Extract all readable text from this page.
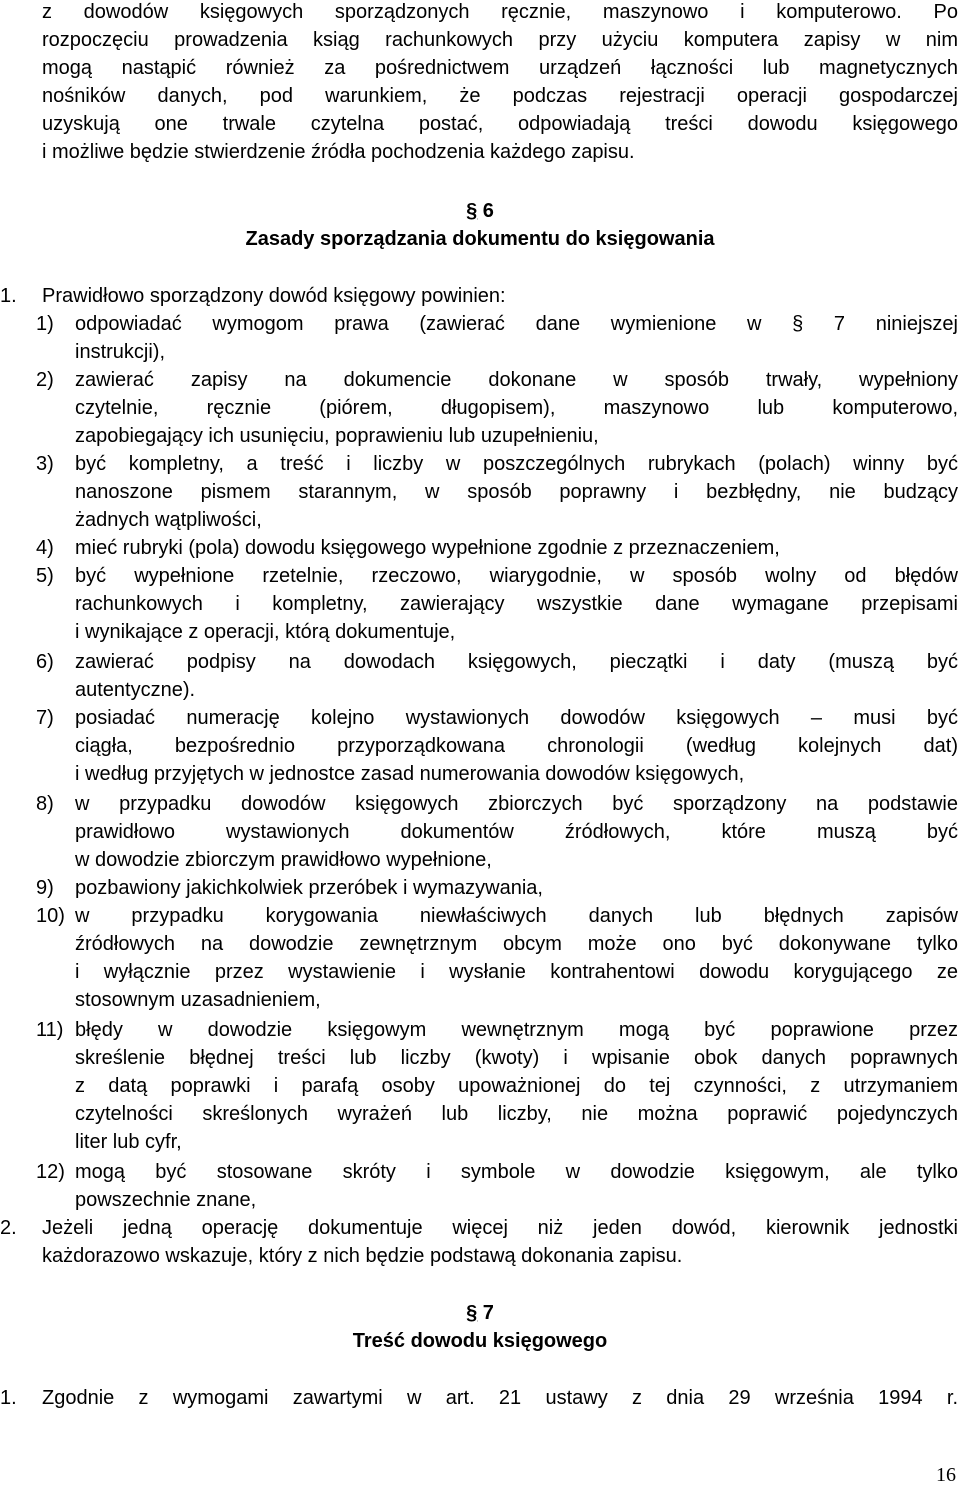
z dowodów księgowych sporządzonych ręcznie, maszynowo i komputerowo. Po
rozpoczęciu prowadzenia ksiąg rachunkowych przy użyciu komputera zapisy w nim
mogą nastąpić również za pośrednictwem urządzeń łączności lub magnetycznych
nośników danych, pod warunkiem, że podczas rejestracji operacji gospodarczej
uzyskują one trwale czytelna postać, odpowiadają treści dowodu księgowego
i możliwe będzie stwierdzenie źródła pochodzenia każdego zapisu.
§ 6
Zasady sporządzania dokumentu do księgowania
1. Prawidłowo sporządzony dowód księgowy powinien:
1) odpowiadać wymogom prawa (zawierać dane wymienione w § 7 niniejszej
instrukcji),
2) zawierać zapisy na dokumencie dokonane w sposób trwały, wypełniony
czytelnie, ręcznie (piórem, długopisem), maszynowo lub komputerowo,
zapobiegający ich usunięciu, poprawieniu lub uzupełnieniu,
3) być kompletny, a treść i liczby w poszczególnych rubrykach (polach) winny być
nanoszone pismem starannym, w sposób poprawny i bezbłędny, nie budzący
żadnych wątpliwości,
4) mieć rubryki (pola) dowodu księgowego wypełnione zgodnie z przeznaczeniem,
5) być wypełnione rzetelnie, rzeczowo, wiarygodnie, w sposób wolny od błędów
rachunkowych i kompletny, zawierający wszystkie dane wymagane przepisami
i wynikające z operacji, którą dokumentuje,
6) zawierać podpisy na dowodach księgowych, pieczątki i daty (muszą być
autentyczne).
7) posiadać numerację kolejno wystawionych dowodów księgowych – musi być
ciągła, bezpośrednio przyporządkowana chronologii (według kolejnych dat)
i według przyjętych w jednostce zasad numerowania dowodów księgowych,
8) w przypadku dowodów księgowych zbiorczych być sporządzony na podstawie
prawidłowo wystawionych dokumentów źródłowych, które muszą być
w dowodzie zbiorczym prawidłowo wypełnione,
9) pozbawiony jakichkolwiek przeróbek i wymazywania,
10) w przypadku korygowania niewłaściwych danych lub błędnych zapisów
źródłowych na dowodzie zewnętrznym obcym może ono być dokonywane tylko
i wyłącznie przez wystawienie i wysłanie kontrahentowi dowodu korygującego ze
stosownym uzasadnieniem,
11) błędy w dowodzie księgowym wewnętrznym mogą być poprawione przez
skreślenie błędnej treści lub liczby (kwoty) i wpisanie obok danych poprawnych
z datą poprawki i parafą osoby upoważnionej do tej czynności, z utrzymaniem
czytelności skreślonych wyrażeń lub liczby, nie można poprawić pojedynczych
liter lub cyfr,
12) mogą być stosowane skróty i symbole w dowodzie księgowym, ale tylko
powszechnie znane,
2. Jeżeli jedną operację dokumentuje więcej niż jeden dowód, kierownik jednostki
każdorazowo wskazuje, który z nich będzie podstawą dokonania zapisu.
§ 7
Treść dowodu księgowego
1. Zgodnie z wymogami zawartymi w art. 21 ustawy z dnia 29 września 1994 r.
16
